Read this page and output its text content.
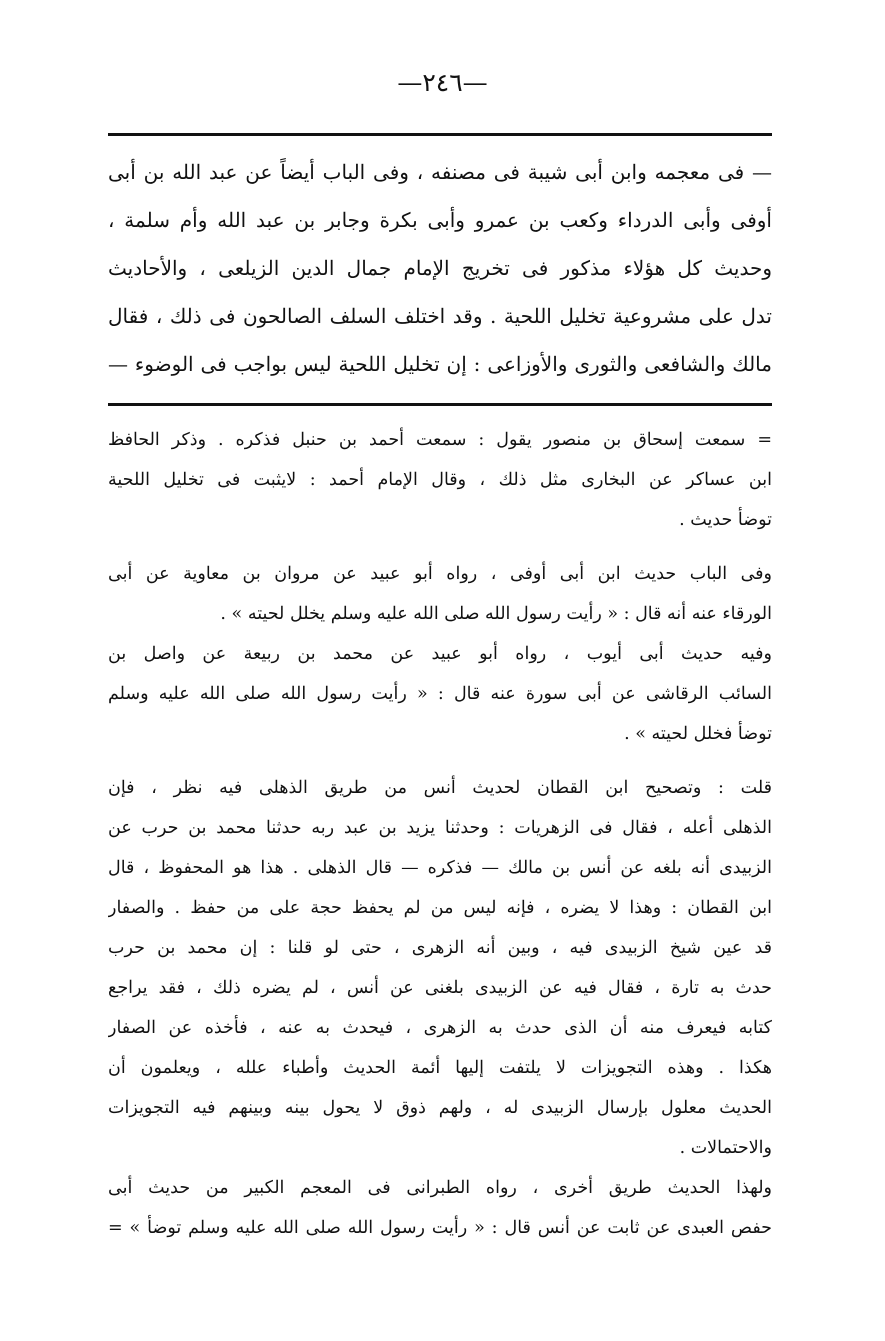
—٢٤٦—
— فى معجمه وابن أبى شيبة فى مصنفه ، وفى الباب أيضاً عن عبد الله بن أبى
أوفى وأبى الدرداء وكعب بن عمرو وأبى بكرة وجابر بن عبد الله وأم سلمة ،
وحديث كل هؤلاء مذكور فى تخريج الإمام جمال الدين الزيلعى ، والأحاديث
تدل على مشروعية تخليل اللحية . وقد اختلف السلف الصالحون فى ذلك ، فقال
مالك والشافعى والثورى والأوزاعى : إن تخليل اللحية ليس بواجب فى الوضوء —
= سمعت إسحاق بن منصور يقول : سمعت أحمد بن حنبل فذكره . وذكر الحافظ
ابن عساكر عن البخارى مثل ذلك ، وقال الإمام أحمد : لايثبت فى تخليل اللحية
توضأ حديث .
وفى الباب حديث ابن أبى أوفى ، رواه أبو عبيد عن مروان بن معاوية عن أبى
الورقاء عنه أنه قال : « رأيت رسول الله صلى الله عليه وسلم يخلل لحيته » .
وفيه حديث أبى أيوب ، رواه أبو عبيد عن محمد بن ربيعة عن واصل بن
السائب الرقاشى عن أبى سورة عنه قال : « رأيت رسول الله صلى الله عليه وسلم
توضأ فخلل لحيته » .
قلت : وتصحيح ابن القطان لحديث أنس من طريق الذهلى فيه نظر ، فإن
الذهلى أعله ، فقال فى الزهريات : وحدثنا يزيد بن عبد ربه حدثنا محمد بن حرب عن
الزبيدى أنه بلغه عن أنس بن مالك — فذكره — قال الذهلى . هذا هو المحفوظ ، قال
ابن القطان : وهذا لا يضره ، فإنه ليس من لم يحفظ حجة على من حفظ . والصفار
قد عين شيخ الزبيدى فيه ، وبين أنه الزهرى ، حتى لو قلنا : إن محمد بن حرب
حدث به تارة ، فقال فيه عن الزبيدى بلغنى عن أنس ، لم يضره ذلك ، فقد يراجع
كتابه فيعرف منه أن الذى حدث به الزهرى ، فيحدث به عنه ، فأخذه عن الصفار
هكذا . وهذه التجويزات لا يلتفت إليها أئمة الحديث وأطباء علله ، ويعلمون أن
الحديث معلول بإرسال الزبيدى له ، ولهم ذوق لا يحول بينه وبينهم فيه التجويزات
والاحتمالات .
ولهذا الحديث طريق أخرى ، رواه الطبرانى فى المعجم الكبير من حديث أبى
حفص العبدى عن ثابت عن أنس قال : « رأيت رسول الله صلى الله عليه وسلم توضأ » =
